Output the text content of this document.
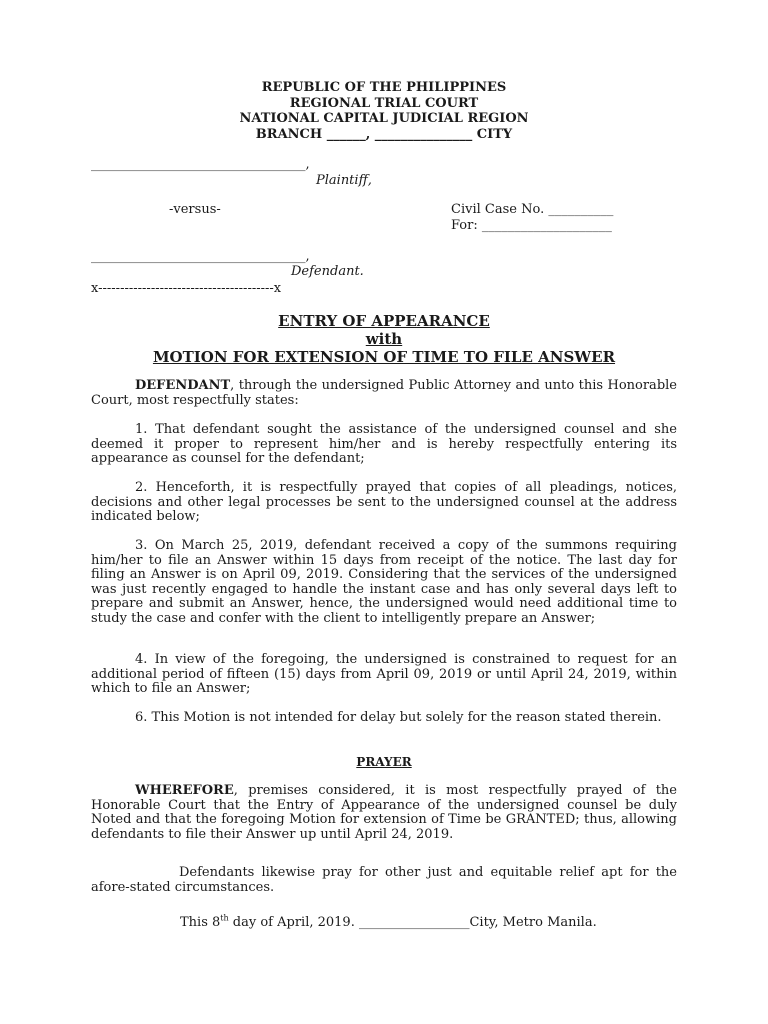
REPUBLIC OF THE PHILIPPINES
REGIONAL TRIAL COURT
NATIONAL CAPITAL JUDICIAL REGION
BRANCH ______, _______________ CITY
_________________________________,
Plaintiff,
-versus-	Civil Case No. __________
For: ____________________
_________________________________,
Defendant.
x----------------------------------------x
ENTRY OF APPEARANCE
with
MOTION FOR EXTENSION OF TIME TO FILE ANSWER
DEFENDANT, through the undersigned Public Attorney and unto this Honorable Court, most respectfully states:
1. That defendant sought the assistance of the undersigned counsel and she deemed it proper to represent him/her and is hereby respectfully entering its appearance as counsel for the defendant;
2. Henceforth, it is respectfully prayed that copies of all pleadings, notices, decisions and other legal processes be sent to the undersigned counsel at the address indicated below;
3. On March 25, 2019, defendant received a copy of the summons requiring him/her to file an Answer within 15 days from receipt of the notice. The last day for filing an Answer is on April 09, 2019. Considering that the services of the undersigned was just recently engaged to handle the instant case and has only several days left to prepare and submit an Answer, hence, the undersigned would need additional time to study the case and confer with the client to intelligently prepare an Answer;
4. In view of the foregoing, the undersigned is constrained to request for an additional period of fifteen (15) days from April 09, 2019 or until April 24, 2019, within which to file an Answer;
6. This Motion is not intended for delay but solely for the reason stated therein.
PRAYER
WHEREFORE, premises considered, it is most respectfully prayed of the Honorable Court that the Entry of Appearance of the undersigned counsel be duly Noted and that the foregoing Motion for extension of Time be GRANTED; thus, allowing defendants to file their Answer up until April 24, 2019.
Defendants likewise pray for other just and equitable relief apt for the afore-stated circumstances.
This 8th day of April, 2019. _________________City, Metro Manila.
